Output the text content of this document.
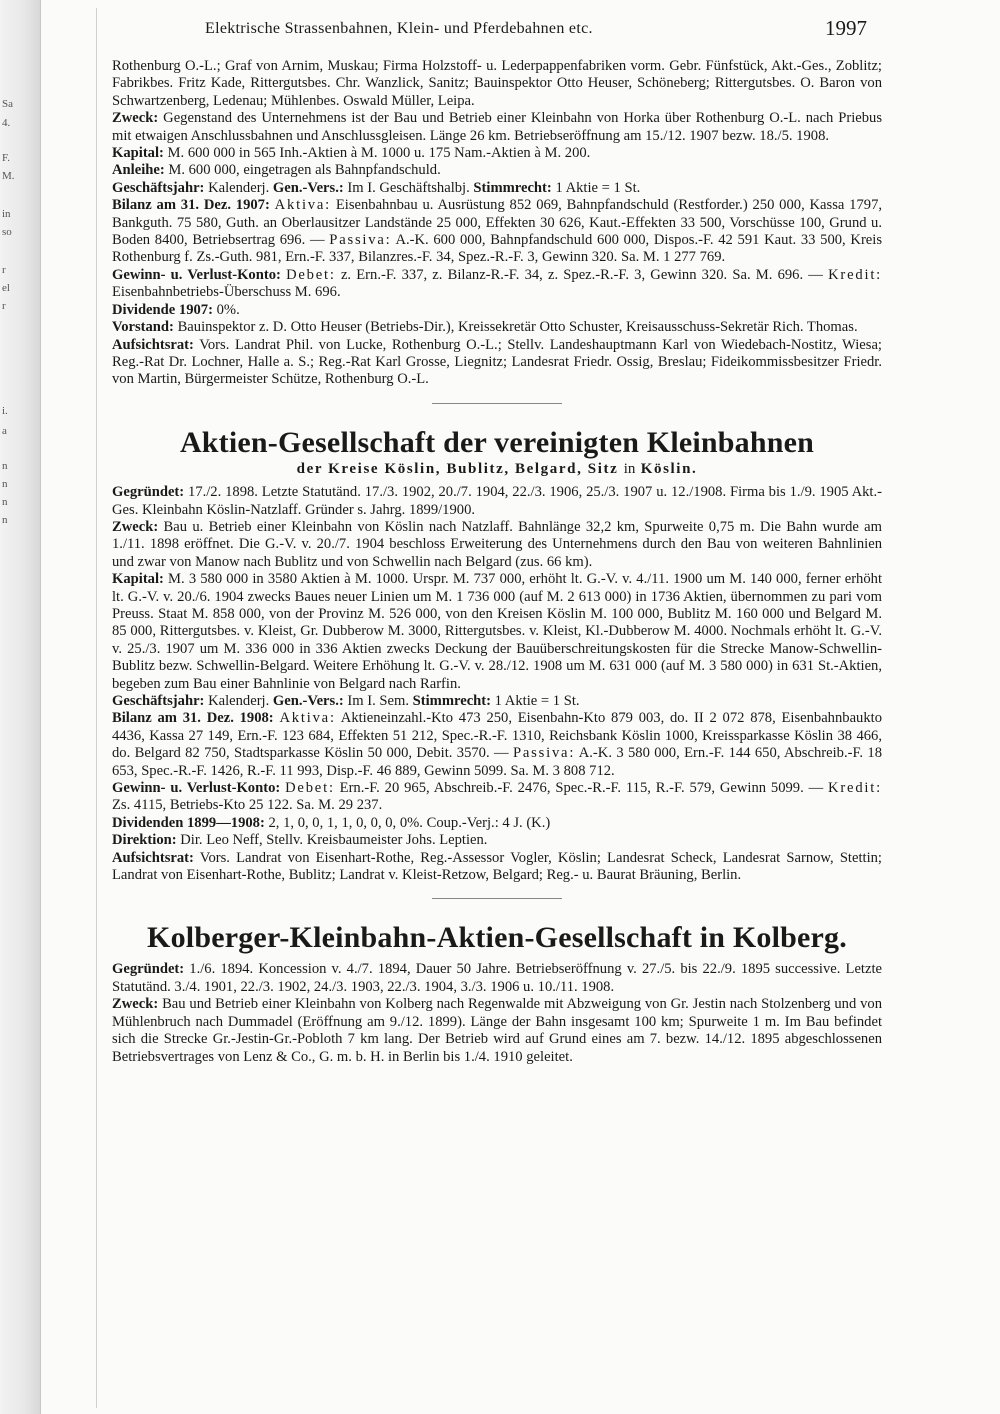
Sa
4.
F.
M.
in
so
r
el
r
i.
a
n
n
n
n
Elektrische Strassenbahnen, Klein- und Pferdebahnen etc.	1997

Rothenburg O.-L.; Graf von Arnim, Muskau; Firma Holzstoff- u. Lederpappenfabriken vorm. Gebr. Fünfstück, Akt.-Ges., Zoblitz; Fabrikbes. Fritz Kade, Rittergutsbes. Chr. Wanzlick, Sanitz; Bauinspektor Otto Heuser, Schöneberg; Rittergutsbes. O. Baron von Schwartzenberg, Ledenau; Mühlenbes. Oswald Müller, Leipa.

Zweck: Gegenstand des Unternehmens ist der Bau und Betrieb einer Kleinbahn von Horka über Rothenburg O.-L. nach Priebus mit etwaigen Anschlussbahnen und Anschlussgleisen. Länge 26 km. Betriebseröffnung am 15./12. 1907 bezw. 18./5. 1908.

Kapital: M. 600 000 in 565 Inh.-Aktien à M. 1000 u. 175 Nam.-Aktien à M. 200.

Anleihe: M. 600 000, eingetragen als Bahnpfandschuld.

Geschäftsjahr: Kalenderj. Gen.-Vers.: Im I. Geschäftshalbj. Stimmrecht: 1 Aktie = 1 St.

Bilanz am 31. Dez. 1907: Aktiva: Eisenbahnbau u. Ausrüstung 852 069, Bahnpfandschuld (Restforder.) 250 000, Kassa 1797, Bankguth. 75 580, Guth. an Oberlausitzer Landstände 25 000, Effekten 30 626, Kaut.-Effekten 33 500, Vorschüsse 100, Grund u. Boden 8400, Betriebsertrag 696. — Passiva: A.-K. 600 000, Bahnpfandschuld 600 000, Dispos.-F. 42 591 Kaut. 33 500, Kreis Rothenburg f. Zs.-Guth. 981, Ern.-F. 337, Bilanzres.-F. 34, Spez.-R.-F. 3, Gewinn 320. Sa. M. 1 277 769.

Gewinn- u. Verlust-Konto: Debet: z. Ern.-F. 337, z. Bilanz-R.-F. 34, z. Spez.-R.-F. 3, Gewinn 320. Sa. M. 696. — Kredit: Eisenbahnbetriebs-Überschuss M. 696.

Dividende 1907: 0%.

Vorstand: Bauinspektor z. D. Otto Heuser (Betriebs-Dir.), Kreissekretär Otto Schuster, Kreisausschuss-Sekretär Rich. Thomas.

Aufsichtsrat: Vors. Landrat Phil. von Lucke, Rothenburg O.-L.; Stellv. Landeshauptmann Karl von Wiedebach-Nostitz, Wiesa; Reg.-Rat Dr. Lochner, Halle a. S.; Reg.-Rat Karl Grosse, Liegnitz; Landesrat Friedr. Ossig, Breslau; Fideikommissbesitzer Friedr. von Martin, Bürgermeister Schütze, Rothenburg O.-L.

Aktien-Gesellschaft der vereinigten Kleinbahnen
der Kreise Köslin, Bublitz, Belgard, Sitz in Köslin.

Gegründet: 17./2. 1898. Letzte Statutänd. 17./3. 1902, 20./7. 1904, 22./3. 1906, 25./3. 1907 u. 12./1908. Firma bis 1./9. 1905 Akt.-Ges. Kleinbahn Köslin-Natzlaff. Gründer s. Jahrg. 1899/1900.

Zweck: Bau u. Betrieb einer Kleinbahn von Köslin nach Natzlaff. Bahnlänge 32,2 km, Spurweite 0,75 m. Die Bahn wurde am 1./11. 1898 eröffnet. Die G.-V. v. 20./7. 1904 beschloss Erweiterung des Unternehmens durch den Bau von weiteren Bahnlinien und zwar von Manow nach Bublitz und von Schwellin nach Belgard (zus. 66 km).

Kapital: M. 3 580 000 in 3580 Aktien à M. 1000. Urspr. M. 737 000, erhöht lt. G.-V. v. 4./11. 1900 um M. 140 000, ferner erhöht lt. G.-V. v. 20./6. 1904 zwecks Baues neuer Linien um M. 1 736 000 (auf M. 2 613 000) in 1736 Aktien, übernommen zu pari vom Preuss. Staat M. 858 000, von der Provinz M. 526 000, von den Kreisen Köslin M. 100 000, Bublitz M. 160 000 und Belgard M. 85 000, Rittergutsbes. v. Kleist, Gr. Dubberow M. 3000, Rittergutsbes. v. Kleist, Kl.-Dubberow M. 4000. Nochmals erhöht lt. G.-V. v. 25./3. 1907 um M. 336 000 in 336 Aktien zwecks Deckung der Bauüberschreitungskosten für die Strecke Manow-Schwellin-Bublitz bezw. Schwellin-Belgard. Weitere Erhöhung lt. G.-V. v. 28./12. 1908 um M. 631 000 (auf M. 3 580 000) in 631 St.-Aktien, begeben zum Bau einer Bahnlinie von Belgard nach Rarfin.

Geschäftsjahr: Kalenderj. Gen.-Vers.: Im I. Sem. Stimmrecht: 1 Aktie = 1 St.

Bilanz am 31. Dez. 1908: Aktiva: Aktieneinzahl.-Kto 473 250, Eisenbahn-Kto 879 003, do. II 2 072 878, Eisenbahnbaukto 4436, Kassa 27 149, Ern.-F. 123 684, Effekten 51 212, Spec.-R.-F. 1310, Reichsbank Köslin 1000, Kreissparkasse Köslin 38 466, do. Belgard 82 750, Stadtsparkasse Köslin 50 000, Debit. 3570. — Passiva: A.-K. 3 580 000, Ern.-F. 144 650, Abschreib.-F. 18 653, Spec.-R.-F. 1426, R.-F. 11 993, Disp.-F. 46 889, Gewinn 5099. Sa. M. 3 808 712.

Gewinn- u. Verlust-Konto: Debet: Ern.-F. 20 965, Abschreib.-F. 2476, Spec.-R.-F. 115, R.-F. 579, Gewinn 5099. — Kredit: Zs. 4115, Betriebs-Kto 25 122. Sa. M. 29 237.

Dividenden 1899—1908: 2, 1, 0, 0, 1, 1, 0, 0, 0, 0%. Coup.-Verj.: 4 J. (K.)

Direktion: Dir. Leo Neff, Stellv. Kreisbaumeister Johs. Leptien.

Aufsichtsrat: Vors. Landrat von Eisenhart-Rothe, Reg.-Assessor Vogler, Köslin; Landesrat Scheck, Landesrat Sarnow, Stettin; Landrat von Eisenhart-Rothe, Bublitz; Landrat v. Kleist-Retzow, Belgard; Reg.- u. Baurat Bräuning, Berlin.

Kolberger-Kleinbahn-Aktien-Gesellschaft in Kolberg.

Gegründet: 1./6. 1894. Koncession v. 4./7. 1894, Dauer 50 Jahre. Betriebseröffnung v. 27./5. bis 22./9. 1895 successive. Letzte Statutänd. 3./4. 1901, 22./3. 1902, 24./3. 1903, 22./3. 1904, 3./3. 1906 u. 10./11. 1908.

Zweck: Bau und Betrieb einer Kleinbahn von Kolberg nach Regenwalde mit Abzweigung von Gr. Jestin nach Stolzenberg und von Mühlenbruch nach Dummadel (Eröffnung am 9./12. 1899). Länge der Bahn insgesamt 100 km; Spurweite 1 m. Im Bau befindet sich die Strecke Gr.-Jestin-Gr.-Pobloth 7 km lang. Der Betrieb wird auf Grund eines am 7. bezw. 14./12. 1895 abgeschlossenen Betriebsvertrages von Lenz & Co., G. m. b. H. in Berlin bis 1./4. 1910 geleitet.
